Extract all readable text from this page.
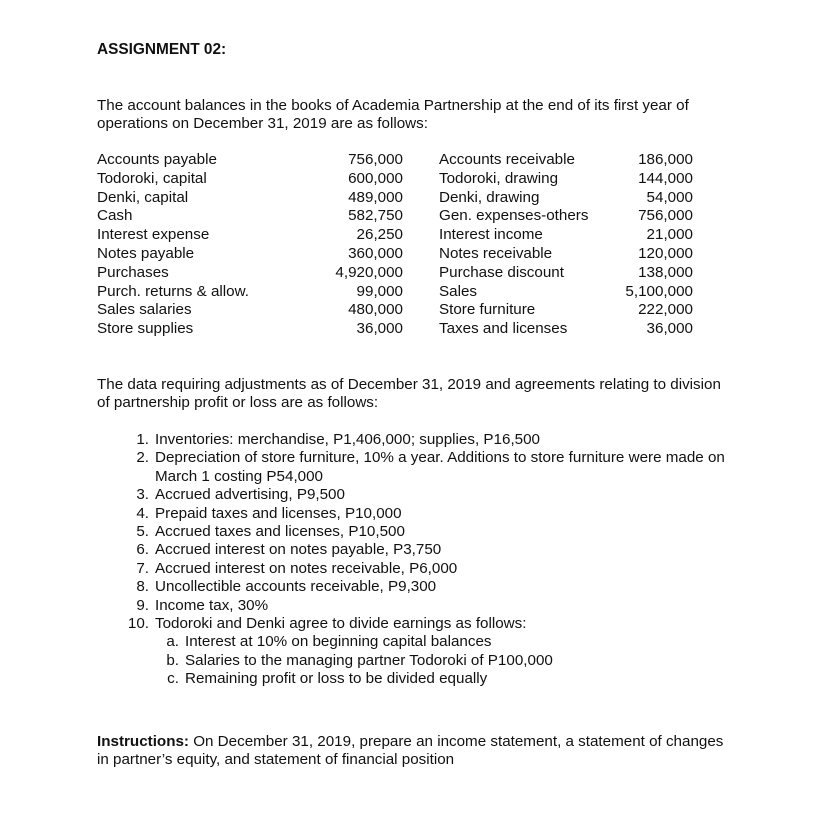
ASSIGNMENT 02:
The account balances in the books of Academia Partnership at the end of its first year of operations on December 31, 2019 are as follows:
Accounts payable	756,000 Accounts receivable	186,000
Todoroki, capital	600,000 Todoroki, drawing	144,000
Denki, capital	489,000 Denki, drawing	54,000
Cash	582,750 Gen. expenses-others	756,000
Interest expense	26,250 Interest income	21,000
Notes payable	360,000 Notes receivable	120,000
Purchases	4,920,000 Purchase discount	138,000
Purch. returns & allow.	99,000 Sales	5,100,000
Sales salaries	480,000 Store furniture	222,000
Store supplies	36,000 Taxes and licenses	36,000
The data requiring adjustments as of December 31, 2019 and agreements relating to division of partnership profit or loss are as follows:
1. Inventories: merchandise, P1,406,000; supplies, P16,500
2. Depreciation of store furniture, 10% a year. Additions to store furniture were made on March 1 costing P54,000
3. Accrued advertising, P9,500
4. Prepaid taxes and licenses, P10,000
5. Accrued taxes and licenses, P10,500
6. Accrued interest on notes payable, P3,750
7. Accrued interest on notes receivable, P6,000
8. Uncollectible accounts receivable, P9,300
9. Income tax, 30%
10. Todoroki and Denki agree to divide earnings as follows:
a. Interest at 10% on beginning capital balances
b. Salaries to the managing partner Todoroki of P100,000
c. Remaining profit or loss to be divided equally
Instructions: On December 31, 2019, prepare an income statement, a statement of changes in partner’s equity, and statement of financial position
